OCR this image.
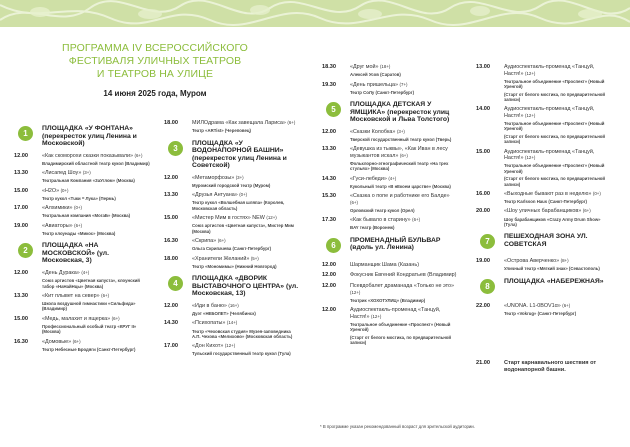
ПРОГРАММА IV ВСЕРОССИЙСКОГО
ФЕСТИВАЛЯ УЛИЧНЫХ ТЕАТРОВ
И ТЕАТРОВ НА УЛИЦЕ
14 июня 2025 года, Муром
1
ПЛОЩАДКА «У ФОНТАНА» (перекресток улиц Ленина и Московской)
12.00	«Как скоморохи сказки показывали» (6+)
Владимирский областной театр кукол (Владимир)
13.30	«Лисапед Шоу» (3+)
Театральная Компания «ЗаУглом» (Москва)
15.00	«Н2О» (0+)
Театр кукол «Тuки = Лука» (Пермь)
17.00	«Алхимики» (0+)
Театральная компания «МогаБ» (Москва)
19.00	«Авиаторы» (6+)
Театр клоунады «Микос» (Москва)
2
ПЛОЩАДКА «НА МОСКОВСКОЙ» (ул. Московская, 3)
12.00	«День Дурака» (4+)
Союз артистов «Цветная капуста», клоунский табор «НаНайНцы» (Москва)
13.30	«Кит плывет на север» (6+)
Школа воздушной гимнастики «Сильфида» (Владимир)
15.00	«Медь, малахит и ящерка» (6+)
Профессиональный особый театр «КРУГ II» (Москва)
16.30	«Домовые» (6+)
Театр Небесные Бродяги (Санкт-Петербург)
18.00	МИЛОдрама «Как завещала Лариса» (6+)
Театр «ARTist» (Череповец)
3
ПЛОЩАДКА «У ВОДОНАПОРНОЙ БАШНИ» (перекресток улиц Ленина и Советской)
12.00	«Метаморфозы» (3+)
Муромский городской театр (Муром)
13.30	«Друзья Антуана» (0+)
Театр кукол «Волшебная шляпа» (Королев, Московская область)
15.00	«Мистер Мим в гостях» NEW (12+)
Союз артистов «Цветная капуста», Мистер Мим (Москва)
16.30	«Скрипа» (6+)
Ольга Скрипачева (Санкт-Петербург)
18.00	«Хранители Желаний» (5+)
Театр «Мономимы» (Нижний Новгород)
4
ПЛОЩАДКА «ДВОРИК ВЫСТАВОЧНОГО ЦЕНТРА» (ул. Московская, 13)
12.00	«Иди в баню» (16+)
Дуэт «НЕБОЛЕТ» (Челябинск)
14.30	«Психопаты» (14+)
Театр «Чеховская студия» Музея-заповедника А.П. Чехова «Мелихово» (Московская область)
17.00	«Дон Кихот» (12+)
Тульский государственный театр кукол (Тула)
18.30	«Друг мой» (18+)
Алексей Усов (Саратов)
19.30	«День пришельца» (7+)
Театр СоЛу (Санкт-Петербург)
5
ПЛОЩАДКА ДЕТСКАЯ У ЯМЩИКА» (перекресток улиц Московской и Льва Толстого)
12.00	«Сказки Колобка» (3+)
Тверской государственный театр кукол (Тверь)
13.30	«Девушка из тыквы», «Как Иван в лесу музыкантов искал» (6+)
Фольклорно-этнографический театр «На трех стульях» (Москва)
14.30	«Гуси-лебеди» (4+)
Кукольный театр «В нЕкоем царстве» (Москва)
15.30	«Сказка о попе и работнике его Балде» (6+)
Орловский театр кукол (Орел)
17.30	«Как бывало в старину» (6+)
BAY театр (Воронеж)
6
ПРОМЕНАДНЫЙ БУЛЬВАР (вдоль ул. Ленина)
12.00	Шарманщик Шама (Казань)
12.00	Фокусник Евгений Кондратьев (Владимир)
12.00	Псевдобалет драманада «Только не это» (12+)
Театрик «ХОХОТУЛИЦ» (Владимир)
12.00	Аудиоспектакль-променад «Танцуй, Настя!» (12+)
Театральное объединение «Проспект» (Новый Уренгой)
(Старт от белого мостика, по предварительной записи)
13.00	Аудиоспектакль-променад «Танцуй, Настя!» (12+)
Театральное объединение «Проспект» (Новый Уренгой)
(Старт от белого мостика, по предварительной записи)
14.00	Аудиоспектакль-променад «Танцуй, Настя!» (12+)
Театральное объединение «Проспект» (Новый Уренгой)
(Старт от белого мостика, по предварительной записи)
15.00	Аудиоспектакль-променад «Танцуй, Настя!» (12+)
Театральное объединение «Проспект» (Новый Уренгой)
(Старт от белого мостика, по предварительной записи)
16.00	«Выходные бывают раз в неделю» (0+)
Театр Karlsson Haus (Санкт-Петербург)
20.00	«Шоу уличных барабанщиков» (6+)
Шоу барабанщиков «Crazy Army Drum Show» (Тула)
7
ПЕШЕХОДНАЯ ЗОНА УЛ. СОВЕТСКАЯ
19.00	«Острова Аверченко» (8+)
Уличный театр «Мягкий знак» (Севастополь)
8
ПЛОЩАДКА «НАБЕРЕЖНАЯ»
22.00	«UNONA. L1-0BOV1α» (6+)
Театр «Vokrug» (Санкт-Петербург)
21.00	Старт карнавального шествия от водонапорной башни.
* В программе указан рекомендованный возраст для зрительской аудитории.
